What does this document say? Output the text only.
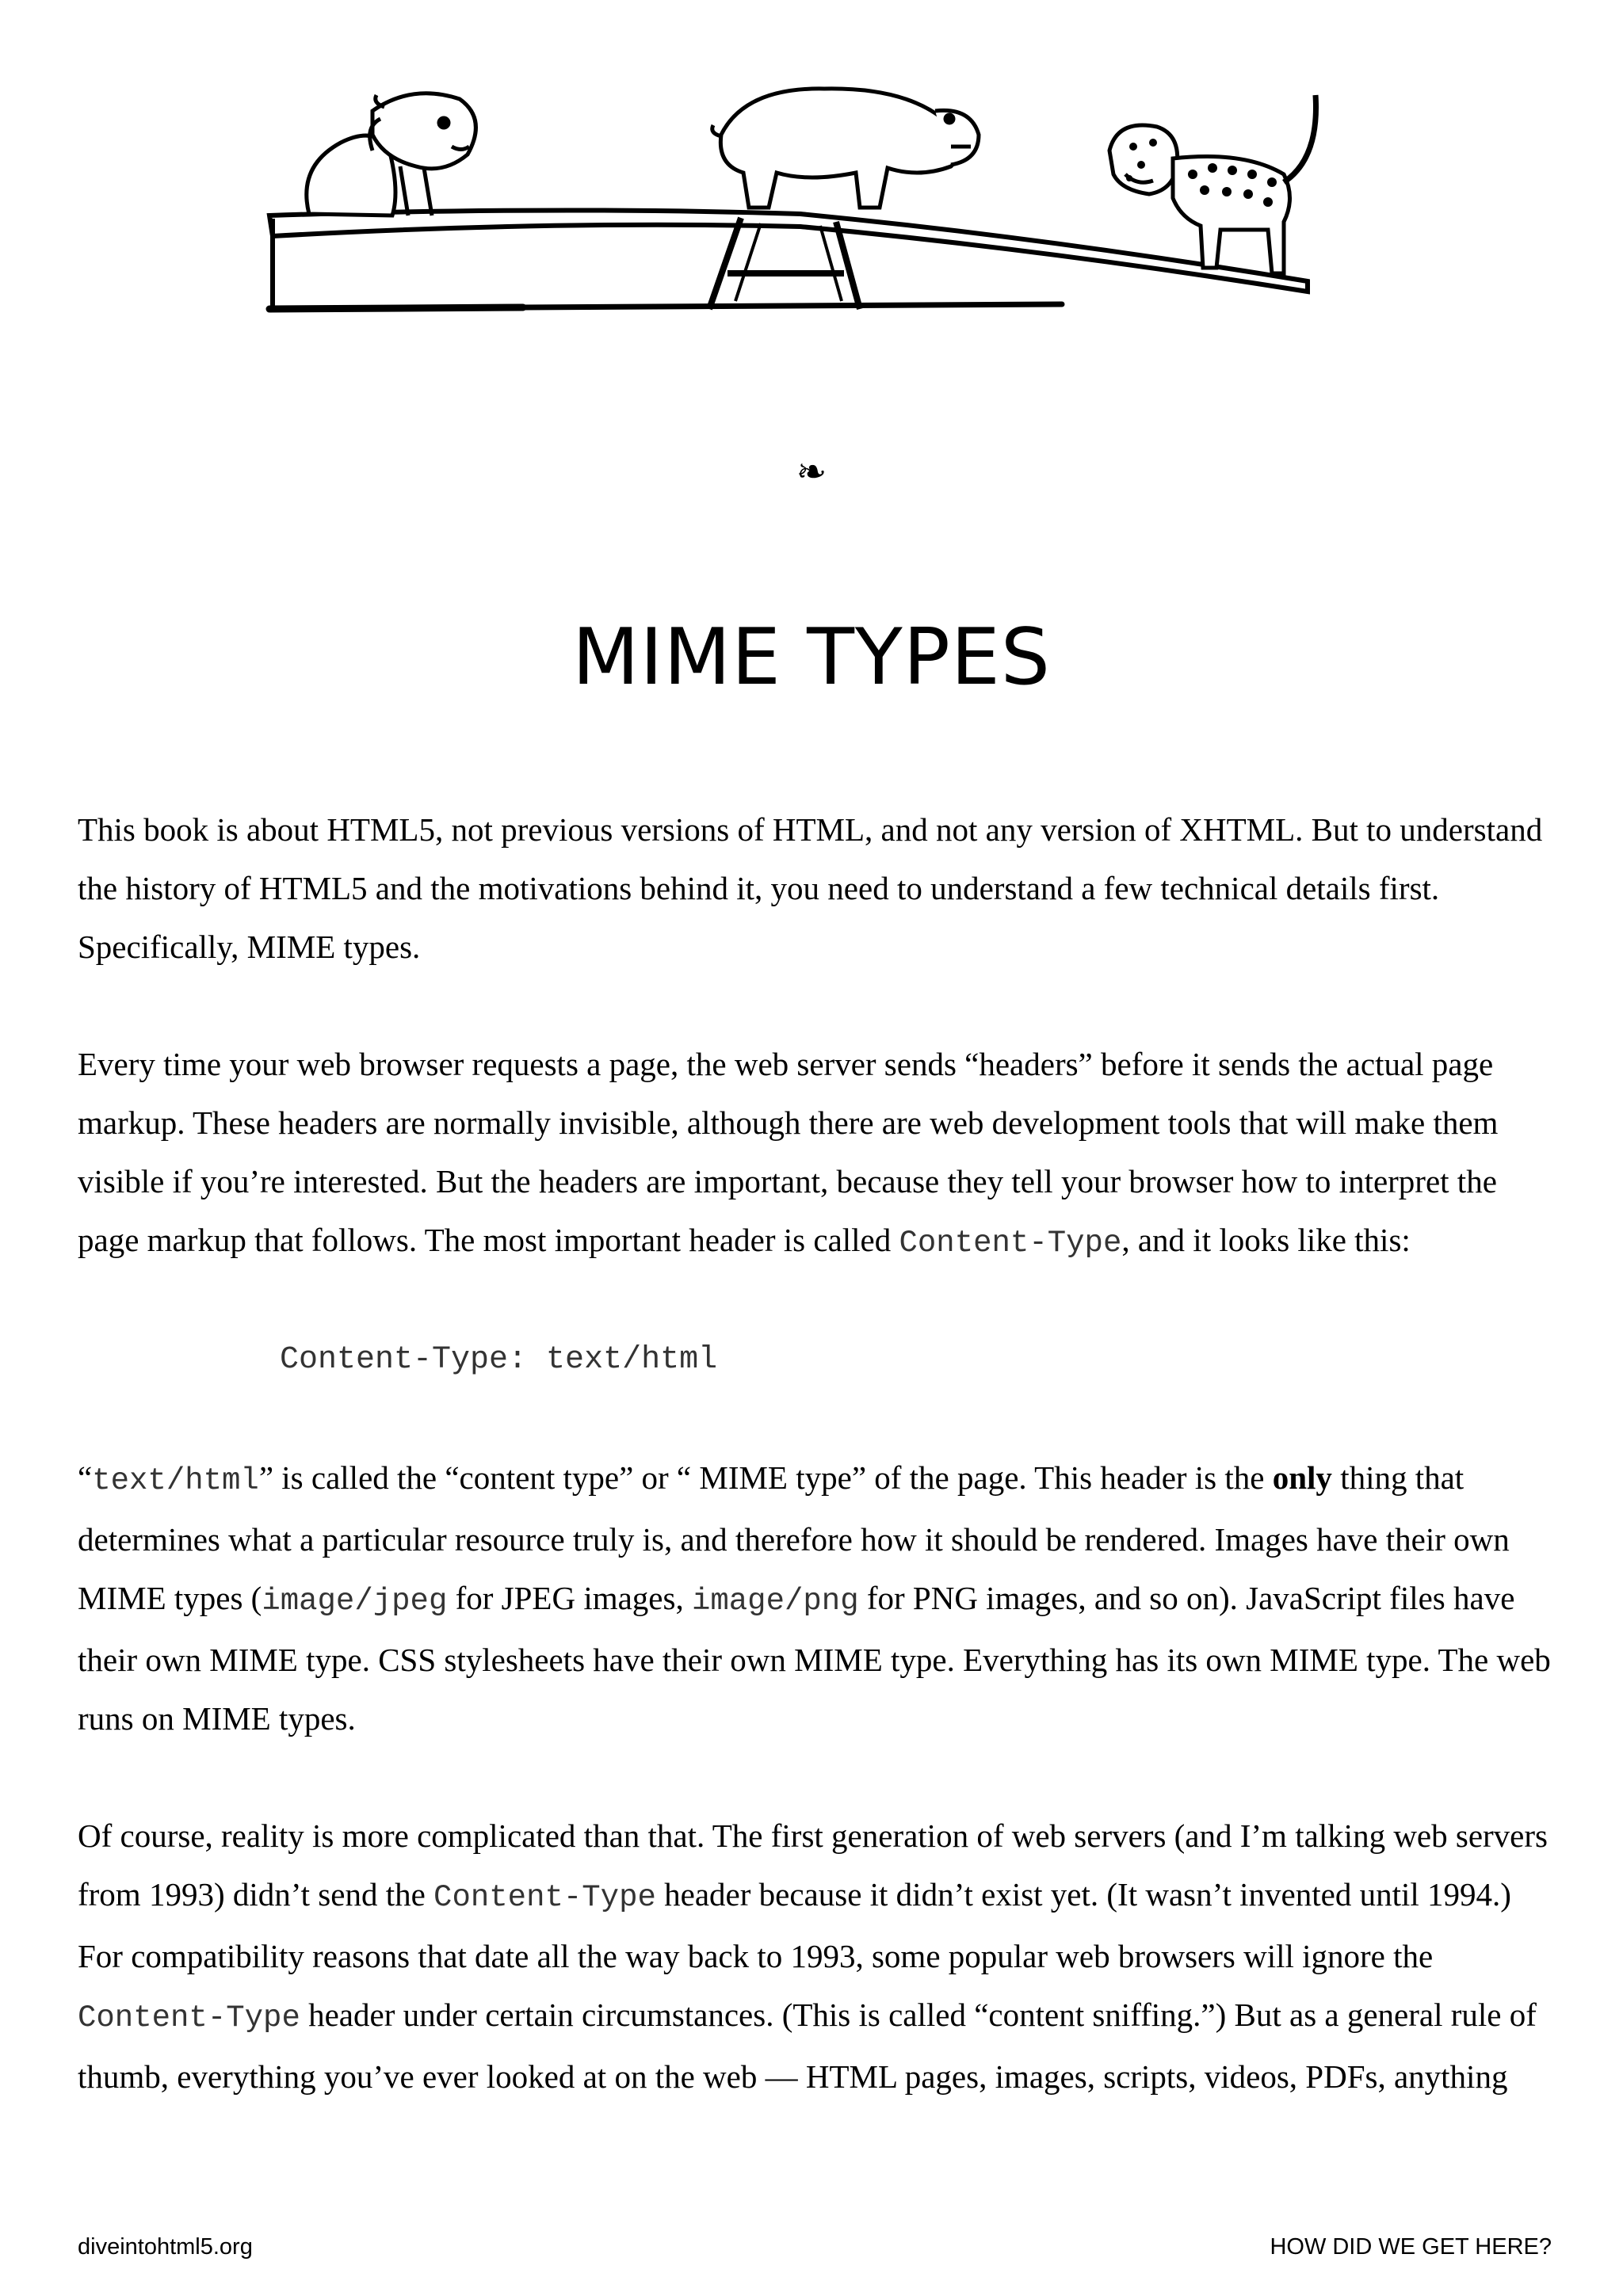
❧
MIME TYPES

This book is about HTML5, not previous versions of HTML, and not any version of XHTML. But to understand the history of HTML5 and the motivations behind it, you need to understand a few technical details first. Specifically, MIME types.

Every time your web browser requests a page, the web server sends “headers” before it sends the actual page markup. These headers are normally invisible, although there are web development tools that will make them visible if you’re interested. But the headers are important, because they tell your browser how to interpret the page markup that follows. The most important header is called Content-Type, and it looks like this:

Content-Type: text/html

“text/html” is called the “content type” or “ MIME type” of the page. This header is the only thing that determines what a particular resource truly is, and therefore how it should be rendered. Images have their own MIME types (image/jpeg for JPEG images, image/png for PNG images, and so on). JavaScript files have their own MIME type. CSS stylesheets have their own MIME type. Everything has its own MIME type. The web runs on MIME types.

Of course, reality is more complicated than that. The first generation of web servers (and I’m talking web servers from 1993) didn’t send the Content-Type header because it didn’t exist yet. (It wasn’t invented until 1994.) For compatibility reasons that date all the way back to 1993, some popular web browsers will ignore the Content-Type header under certain circumstances. (This is called “content sniffing.”) But as a general rule of thumb, everything you’ve ever looked at on the web — HTML pages, images, scripts, videos, PDFs, anything

diveintohtml5.org	HOW DID WE GET HERE?
